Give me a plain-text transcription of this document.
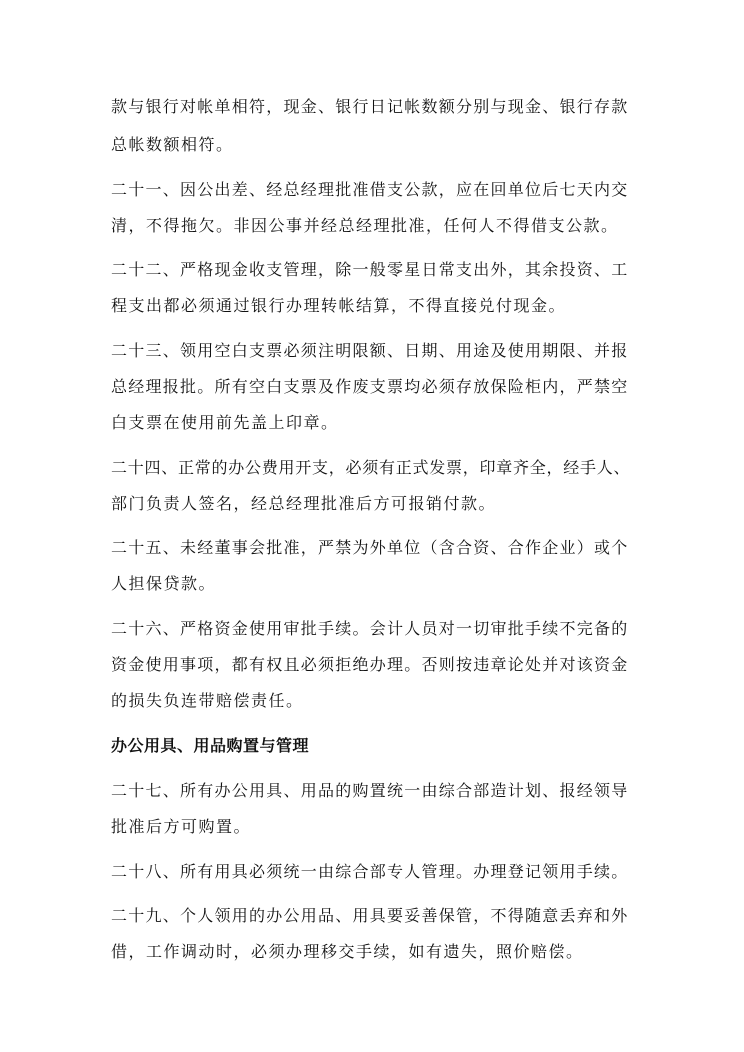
款与银行对帐单相符，现金、银行日记帐数额分别与现金、银行存款
总帐数额相符。
二十一、因公出差、经总经理批准借支公款，应在回单位后七天内交
清，不得拖欠。非因公事并经总经理批准，任何人不得借支公款。
二十二、严格现金收支管理，除一般零星日常支出外，其余投资、工
程支出都必须通过银行办理转帐结算，不得直接兑付现金。
二十三、领用空白支票必须注明限额、日期、用途及使用期限、并报
总经理报批。所有空白支票及作废支票均必须存放保险柜内，严禁空
白支票在使用前先盖上印章。
二十四、正常的办公费用开支，必须有正式发票，印章齐全，经手人、
部门负责人签名，经总经理批准后方可报销付款。
二十五、未经董事会批准，严禁为外单位（含合资、合作企业）或个
人担保贷款。
二十六、严格资金使用审批手续。会计人员对一切审批手续不完备的
资金使用事项，都有权且必须拒绝办理。否则按违章论处并对该资金
的损失负连带赔偿责任。
办公用具、用品购置与管理
二十七、所有办公用具、用品的购置统一由综合部造计划、报经领导
批准后方可购置。
二十八、所有用具必须统一由综合部专人管理。办理登记领用手续。
二十九、个人领用的办公用品、用具要妥善保管，不得随意丢弃和外
借，工作调动时，必须办理移交手续，如有遗失，照价赔偿。
